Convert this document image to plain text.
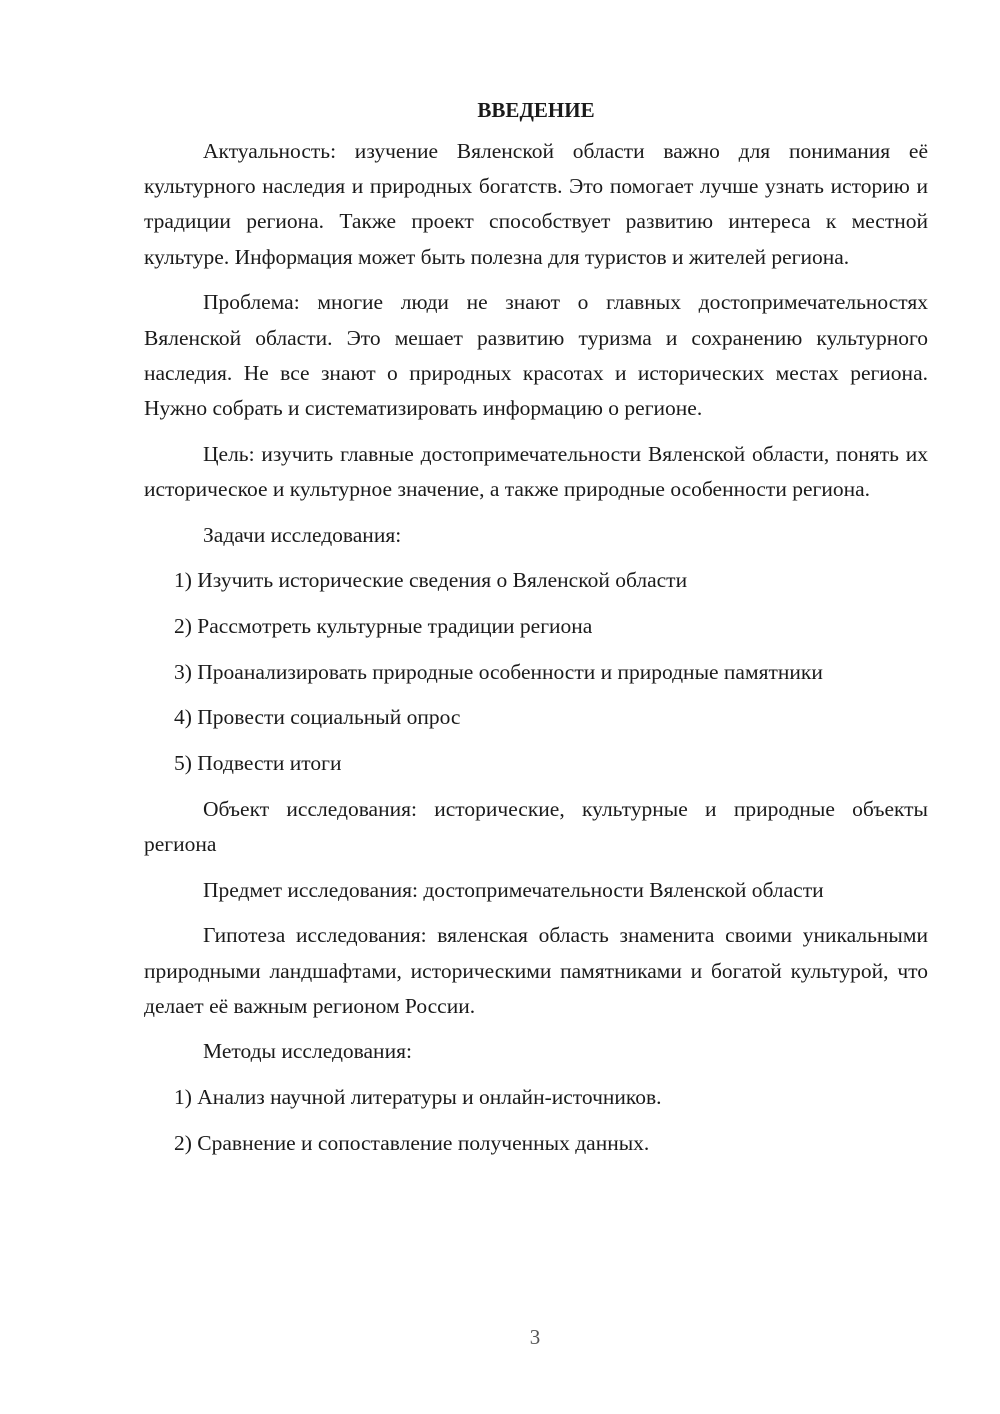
ВВЕДЕНИЕ

Актуальность: изучение Вяленской области важно для понимания её культурного наследия и природных богатств. Это помогает лучше узнать историю и традиции региона. Также проект способствует развитию интереса к местной культуре. Информация может быть полезна для туристов и жителей региона.

Проблема: многие люди не знают о главных достопримечательностях Вяленской области. Это мешает развитию туризма и сохранению культурного наследия. Не все знают о природных красотах и исторических местах региона. Нужно собрать и систематизировать информацию о регионе.

Цель: изучить главные достопримечательности Вяленской области, понять их историческое и культурное значение, а также природные особенности региона.

Задачи исследования:

1) Изучить исторические сведения о Вяленской области

2) Рассмотреть культурные традиции региона

3) Проанализировать природные особенности и природные памятники

4) Провести социальный опрос

5) Подвести итоги

Объект исследования: исторические, культурные и природные объекты региона

Предмет исследования: достопримечательности Вяленской области

Гипотеза исследования: вяленская область знаменита своими уникальными природными ландшафтами, историческими памятниками и богатой культурой, что делает её важным регионом России.

Методы исследования:

1) Анализ научной литературы и онлайн-источников.

2) Сравнение и сопоставление полученных данных.

3
